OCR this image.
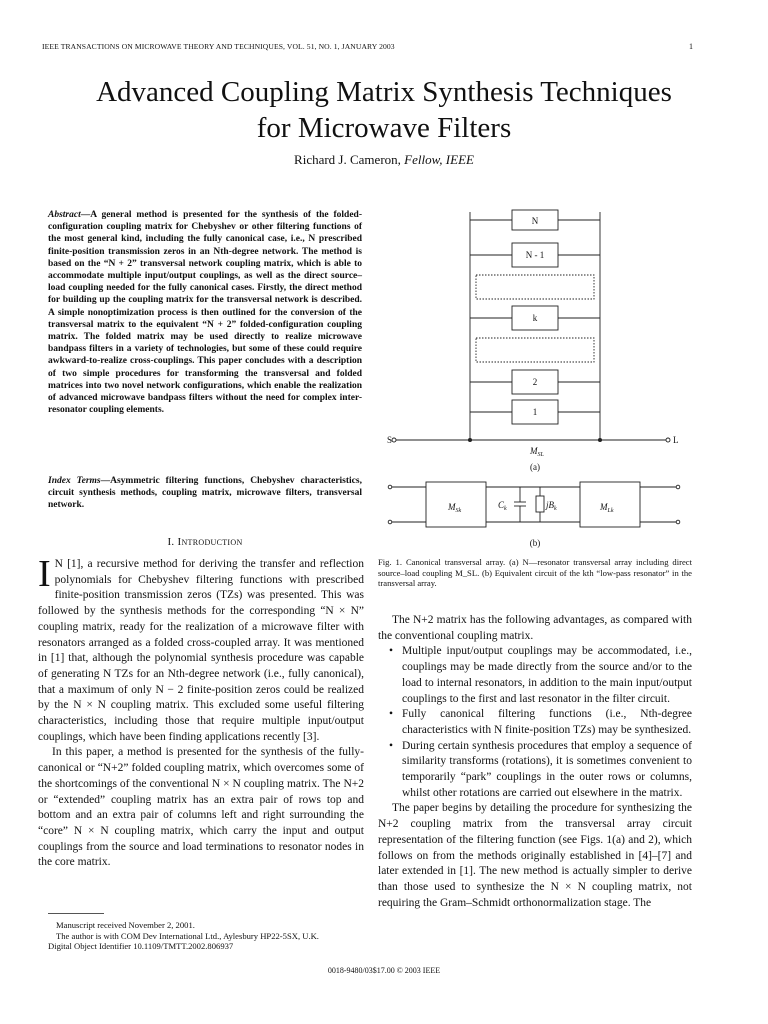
IEEE TRANSACTIONS ON MICROWAVE THEORY AND TECHNIQUES, VOL. 51, NO. 1, JANUARY 2003	1
Advanced Coupling Matrix Synthesis Techniques
for Microwave Filters
Richard J. Cameron, Fellow, IEEE
Abstract—A general method is presented for the synthesis of the folded-configuration coupling matrix for Chebyshev or other filtering functions of the most general kind, including the fully canonical case, i.e., N prescribed finite-position transmission zeros in an Nth-degree network. The method is based on the “N + 2” transversal network coupling matrix, which is able to accommodate multiple input/output couplings, as well as the direct source–load coupling needed for the fully canonical cases. Firstly, the direct method for building up the coupling matrix for the transversal network is described. A simple nonoptimization process is then outlined for the conversion of the transversal matrix to the equivalent “N + 2” folded-configuration coupling matrix. The folded matrix may be used directly to realize microwave bandpass filters in a variety of technologies, but some of these could require awkward-to-realize cross-couplings. This paper concludes with a description of two simple procedures for transforming the transversal and folded matrices into two novel network configurations, which enable the realization of advanced microwave bandpass filters without the need for complex inter-resonator coupling elements.
Index Terms—Asymmetric filtering functions, Chebyshev characteristics, circuit synthesis methods, coupling matrix, microwave filters, transversal network.
I. Introduction

I N [1], a recursive method for deriving the transfer and reflection polynomials for Chebyshev filtering functions with prescribed finite-position transmission zeros (TZs) was presented. This was followed by the synthesis methods for the corresponding “N × N” coupling matrix, ready for the realization of a microwave filter with resonators arranged as a folded cross-coupled array. It was mentioned in [1] that, although the polynomial synthesis procedure was capable of generating N TZs for an Nth-degree network (i.e., fully canonical), that a maximum of only N − 2 finite-position zeros could be realized by the N × N coupling matrix. This excluded some useful filtering characteristics, including those that require multiple input/output couplings, which have been finding applications recently [3].

In this paper, a method is presented for the synthesis of the fully-canonical or “N+2” folded coupling matrix, which overcomes some of the shortcomings of the conventional N × N coupling matrix. The N+2 or “extended” coupling matrix has an extra pair of rows top and bottom and an extra pair of columns left and right surrounding the “core” N × N coupling matrix, which carry the input and output couplings from the source and load terminations to resonator nodes in the core matrix.

Manuscript received November 2, 2001.

The author is with COM Dev International Ltd., Aylesbury HP22-5SX, U.K.

Digital Object Identifier 10.1109/TMTT.2002.806937

0018-9480/03$17.00 © 2003 IEEE
N
N - 1
k
2
1
S	L
$M_{SL}$
(a)
$M_{Sk}$
$C_k$	$jB_k$	$M_{Lk}$
(b)
Fig. 1. Canonical transversal array. (a) N—resonator transversal array including direct source–load coupling M_SL. (b) Equivalent circuit of the kth “low-pass resonator” in the transversal array.

The N+2 matrix has the following advantages, as compared with the conventional coupling matrix.

• Multiple input/output couplings may be accommodated, i.e., couplings may be made directly from the source and/or to the load to internal resonators, in addition to the main input/output couplings to the first and last resonator in the filter circuit.
• Fully canonical filtering functions (i.e., Nth-degree characteristics with N finite-position TZs) may be synthesized.
• During certain synthesis procedures that employ a sequence of similarity transforms (rotations), it is sometimes convenient to temporarily “park” couplings in the outer rows or columns, whilst other rotations are carried out elsewhere in the matrix.

The paper begins by detailing the procedure for synthesizing the N+2 coupling matrix from the transversal array circuit representation of the filtering function (see Figs. 1(a) and 2), which follows on from the methods originally established in [4]–[7] and later extended in [1]. The new method is actually simpler to derive than those used to synthesize the N × N coupling matrix, not requiring the Gram–Schmidt orthonormalization stage. The
